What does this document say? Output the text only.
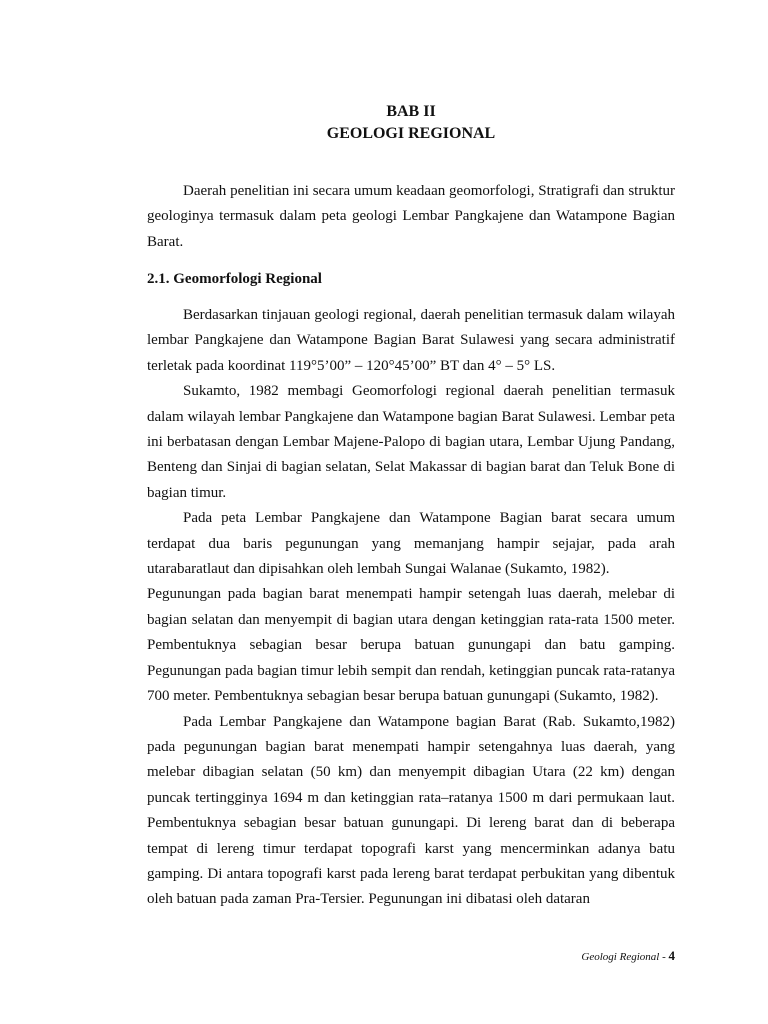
BAB II
GEOLOGI REGIONAL

Daerah penelitian ini secara umum keadaan geomorfologi, Stratigrafi dan struktur geologinya termasuk dalam peta geologi Lembar Pangkajene dan Watampone Bagian Barat.

2.1. Geomorfologi Regional

Berdasarkan tinjauan geologi regional, daerah penelitian termasuk dalam wilayah lembar Pangkajene dan Watampone Bagian Barat Sulawesi yang secara administratif terletak pada koordinat 119°5’00” – 120°45’00” BT dan 4° – 5° LS.

Sukamto, 1982 membagi Geomorfologi regional daerah penelitian termasuk dalam wilayah lembar Pangkajene dan Watampone bagian Barat Sulawesi. Lembar peta ini berbatasan dengan Lembar Majene-Palopo di bagian utara, Lembar Ujung Pandang, Benteng dan Sinjai di bagian selatan, Selat Makassar di bagian barat dan Teluk Bone di bagian timur.

Pada peta Lembar Pangkajene dan Watampone Bagian barat secara umum terdapat dua baris pegunungan yang memanjang hampir sejajar, pada arah utarabaratlaut dan dipisahkan oleh lembah Sungai Walanae (Sukamto, 1982).

Pegunungan pada bagian barat menempati hampir setengah luas daerah, melebar di bagian selatan dan menyempit di bagian utara dengan ketinggian rata-rata 1500 meter. Pembentuknya sebagian besar berupa batuan gunungapi dan batu gamping. Pegunungan pada bagian timur lebih sempit dan rendah, ketinggian puncak rata-ratanya 700 meter. Pembentuknya sebagian besar berupa batuan gunungapi (Sukamto, 1982).

Pada Lembar Pangkajene dan Watampone bagian Barat (Rab. Sukamto,1982) pada pegunungan bagian barat menempati hampir setengahnya luas daerah, yang melebar dibagian selatan (50 km) dan menyempit dibagian Utara (22 km) dengan puncak tertingginya 1694 m dan ketinggian rata–ratanya 1500 m dari permukaan laut. Pembentuknya sebagian besar batuan gunungapi. Di lereng barat dan di beberapa tempat di lereng timur terdapat topografi karst yang mencerminkan adanya batu gamping. Di antara topografi karst pada lereng barat terdapat perbukitan yang dibentuk oleh batuan pada zaman Pra-Tersier. Pegunungan ini dibatasi oleh dataran

Geologi Regional - 4
